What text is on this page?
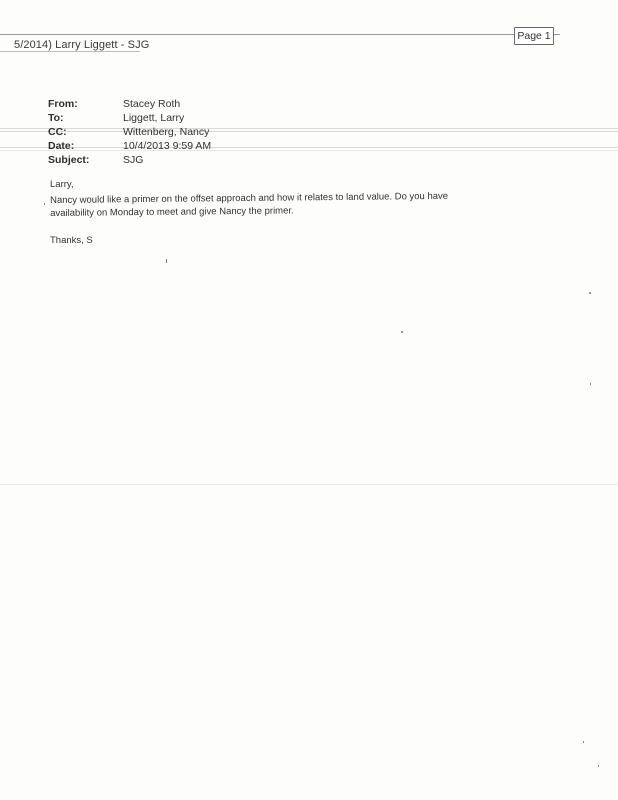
5/2014) Larry Liggett - SJG
Page 1
From:	Stacey Roth
To:	Liggett, Larry
CC:	Wittenberg, Nancy
Date:	10/4/2013 9:59 AM
Subject:	SJG
Larry,
Nancy would like a primer on the offset approach and how it relates to land value. Do you have availability on Monday to meet and give Nancy the primer.
Thanks, S
